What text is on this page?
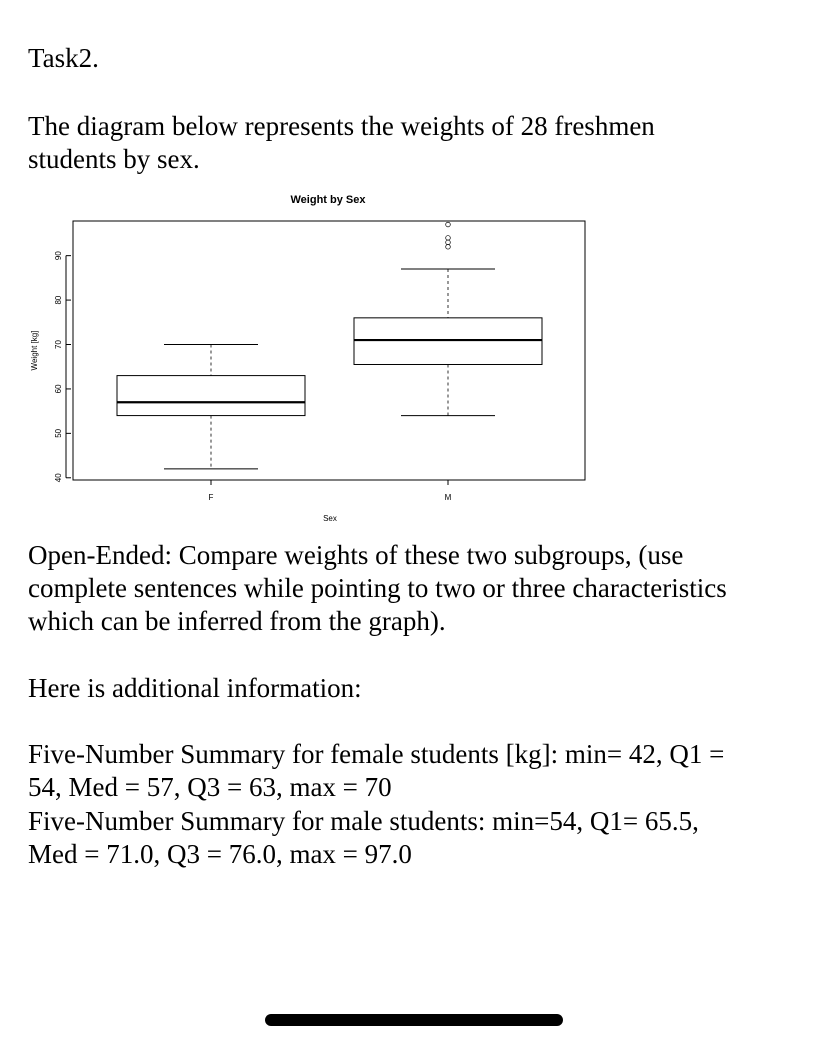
Task2.

The diagram below represents the weights of 28 freshmen

students by sex.

Weight by Sex
40
50
60
70
80
90
Weight [kg]
F	M
Sex

Open-Ended: Compare weights of these two subgroups, (use

complete sentences while pointing to two or three characteristics

which can be inferred from the graph).

Here is additional information:

Five-Number Summary for female students [kg]: min= 42, Q1 =

54, Med = 57, Q3 = 63, max = 70

Five-Number Summary for male students: min=54, Q1= 65.5,

Med = 71.0, Q3 = 76.0, max = 97.0
